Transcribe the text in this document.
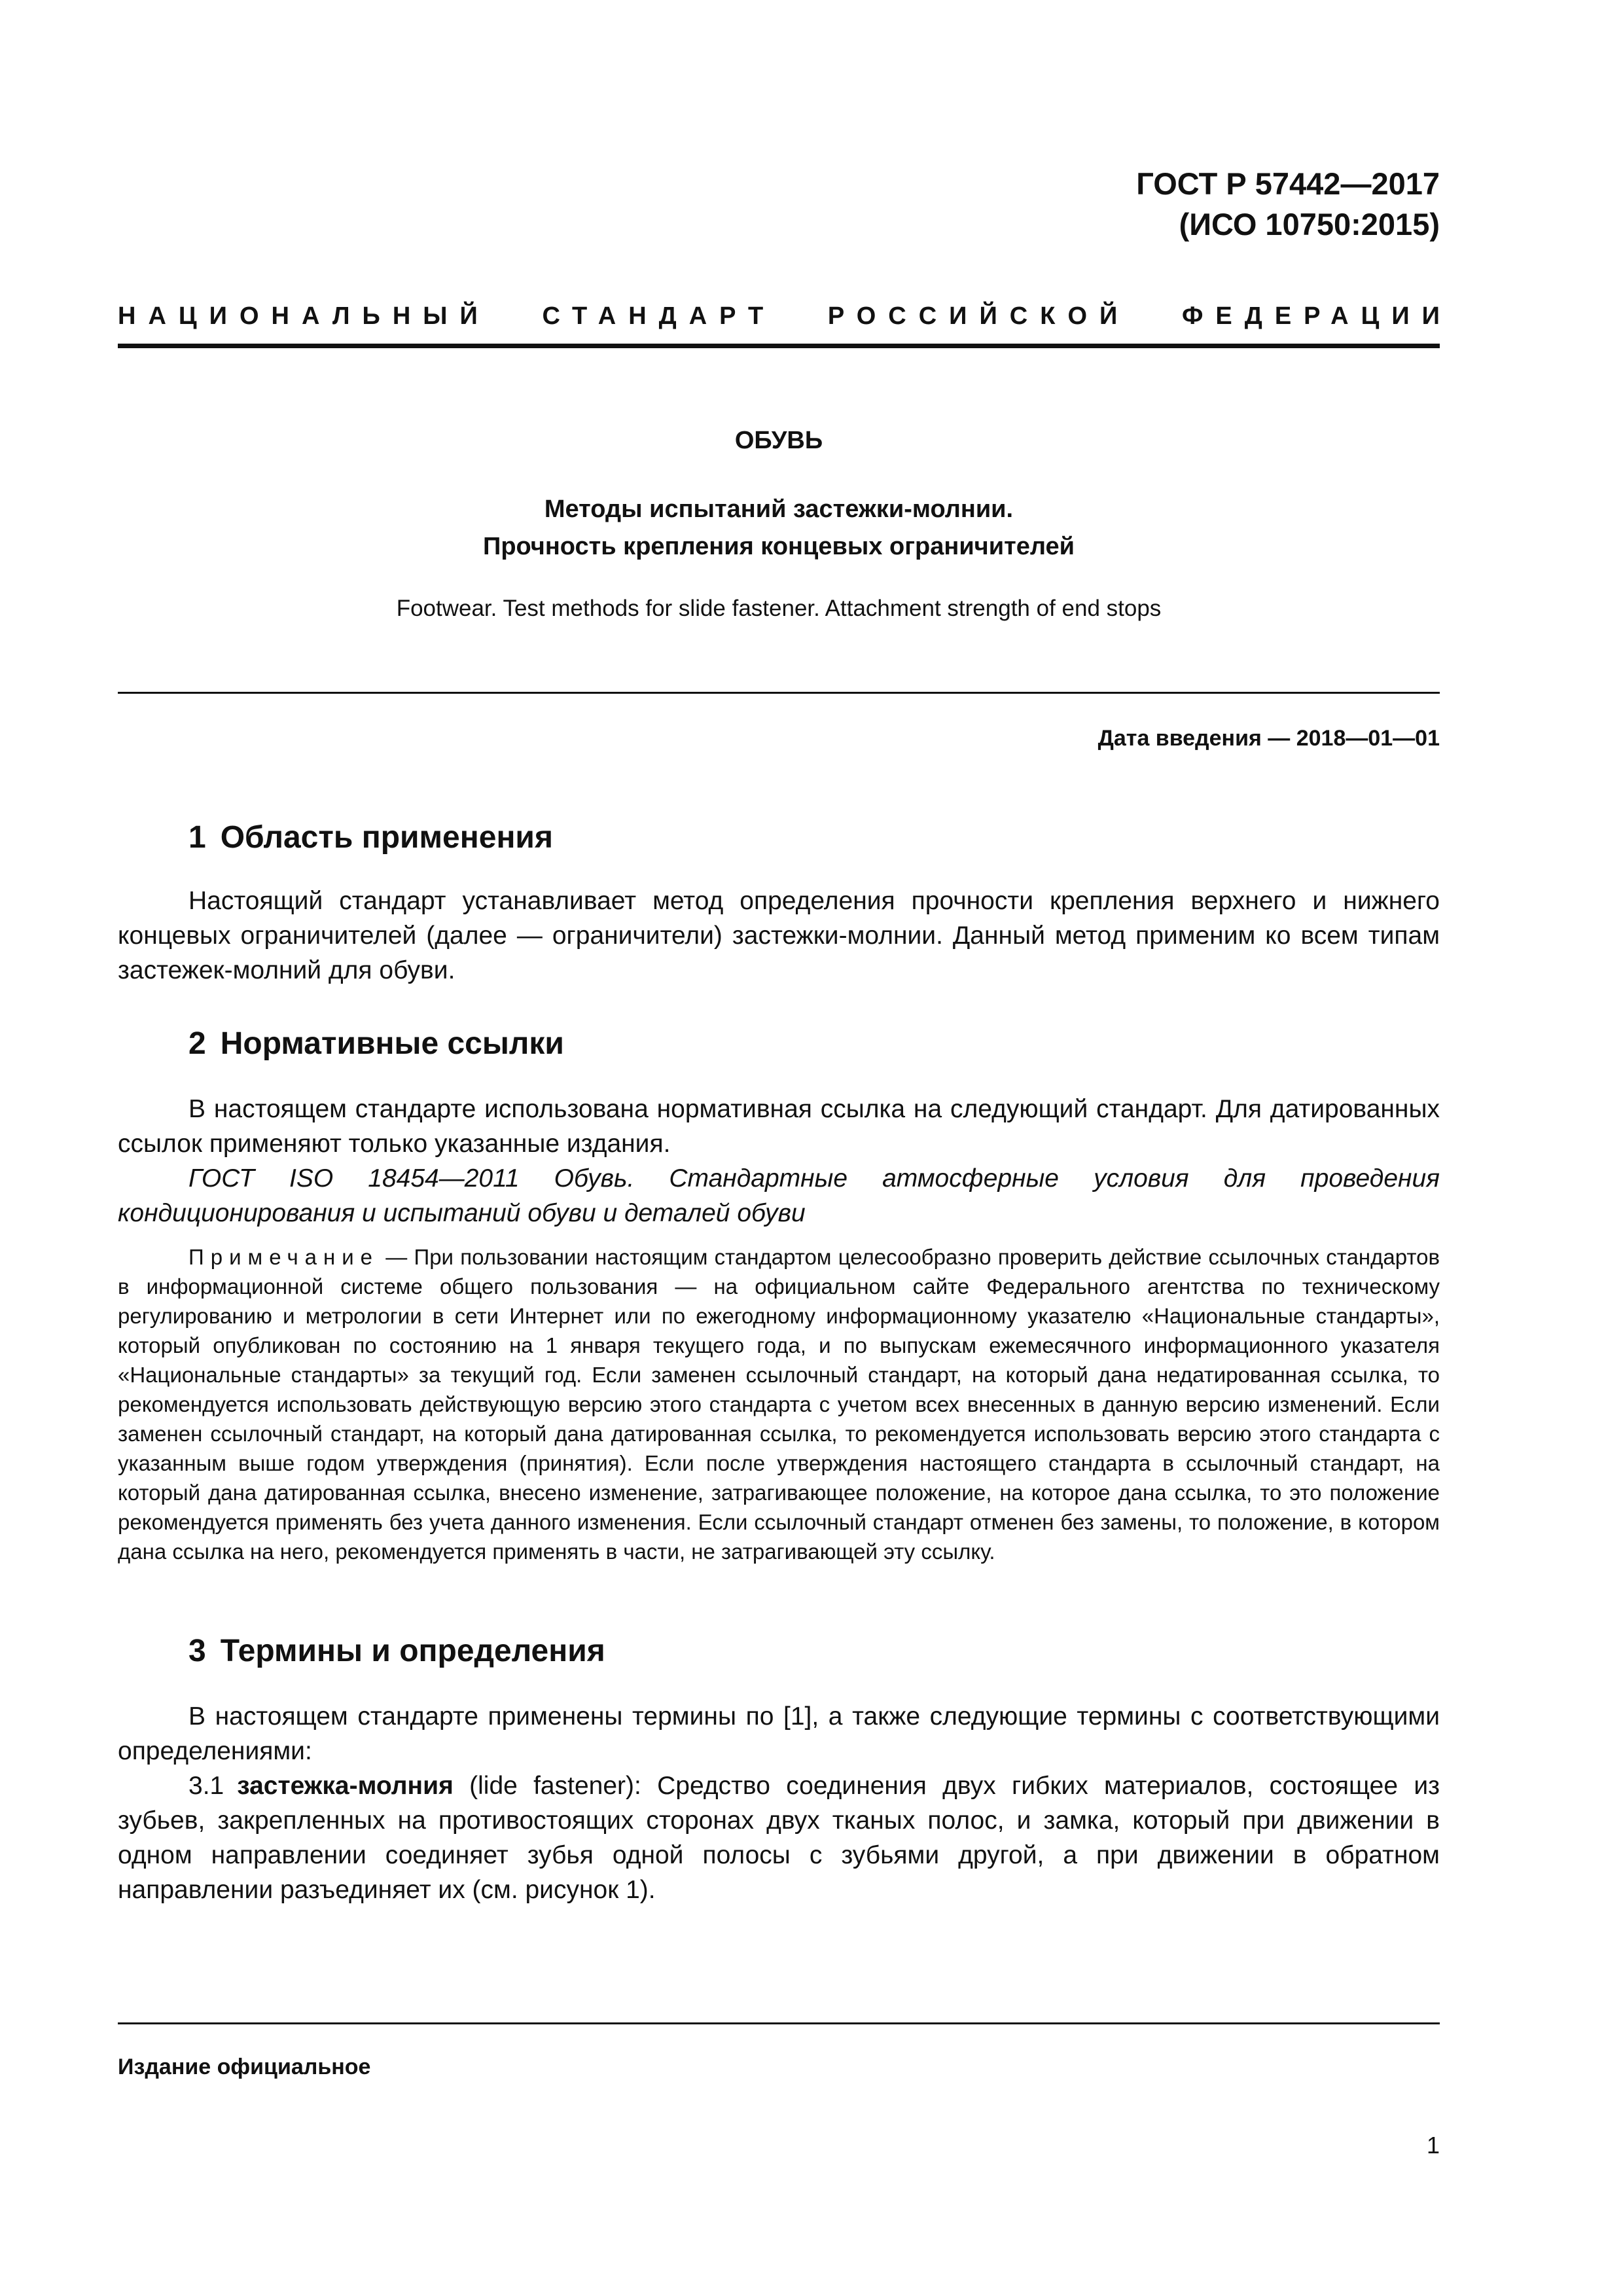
ГОСТ Р 57442—2017
(ИСО 10750:2015)
НАЦИОНАЛЬНЫЙ СТАНДАРТ РОССИЙСКОЙ ФЕДЕРАЦИИ
ОБУВЬ
Методы испытаний застежки-молнии.
Прочность крепления концевых ограничителей
Footwear. Test methods for slide fastener. Attachment strength of end stops
Дата введения — 2018—01—01
1 Область применения
Настоящий стандарт устанавливает метод определения прочности крепления верхнего и нижнего концевых ограничителей (далее — ограничители) застежки-молнии. Данный метод применим ко всем типам застежек-молний для обуви.
2 Нормативные ссылки
В настоящем стандарте использована нормативная ссылка на следующий стандарт. Для датированных ссылок применяют только указанные издания.
ГОСТ ISO 18454—2011 Обувь. Стандартные атмосферные условия для проведения кондиционирования и испытаний обуви и деталей обуви
Примечание — При пользовании настоящим стандартом целесообразно проверить действие ссылочных стандартов в информационной системе общего пользования — на официальном сайте Федерального агентства по техническому регулированию и метрологии в сети Интернет или по ежегодному информационному указателю «Национальные стандарты», который опубликован по состоянию на 1 января текущего года, и по выпускам ежемесячного информационного указателя «Национальные стандарты» за текущий год. Если заменен ссылочный стандарт, на который дана недатированная ссылка, то рекомендуется использовать действующую версию этого стандарта с учетом всех внесенных в данную версию изменений. Если заменен ссылочный стандарт, на который дана датированная ссылка, то рекомендуется использовать версию этого стандарта с указанным выше годом утверждения (принятия). Если после утверждения настоящего стандарта в ссылочный стандарт, на который дана датированная ссылка, внесено изменение, затрагивающее положение, на которое дана ссылка, то это положение рекомендуется применять без учета данного изменения. Если ссылочный стандарт отменен без замены, то положение, в котором дана ссылка на него, рекомендуется применять в части, не затрагивающей эту ссылку.
3 Термины и определения
В настоящем стандарте применены термины по [1], а также следующие термины с соответствующими определениями:
3.1 застежка-молния (lide fastener): Средство соединения двух гибких материалов, состоящее из зубьев, закрепленных на противостоящих сторонах двух тканых полос, и замка, который при движении в одном направлении соединяет зубья одной полосы с зубьями другой, а при движении в обратном направлении разъединяет их (см. рисунок 1).
Издание официальное
1
